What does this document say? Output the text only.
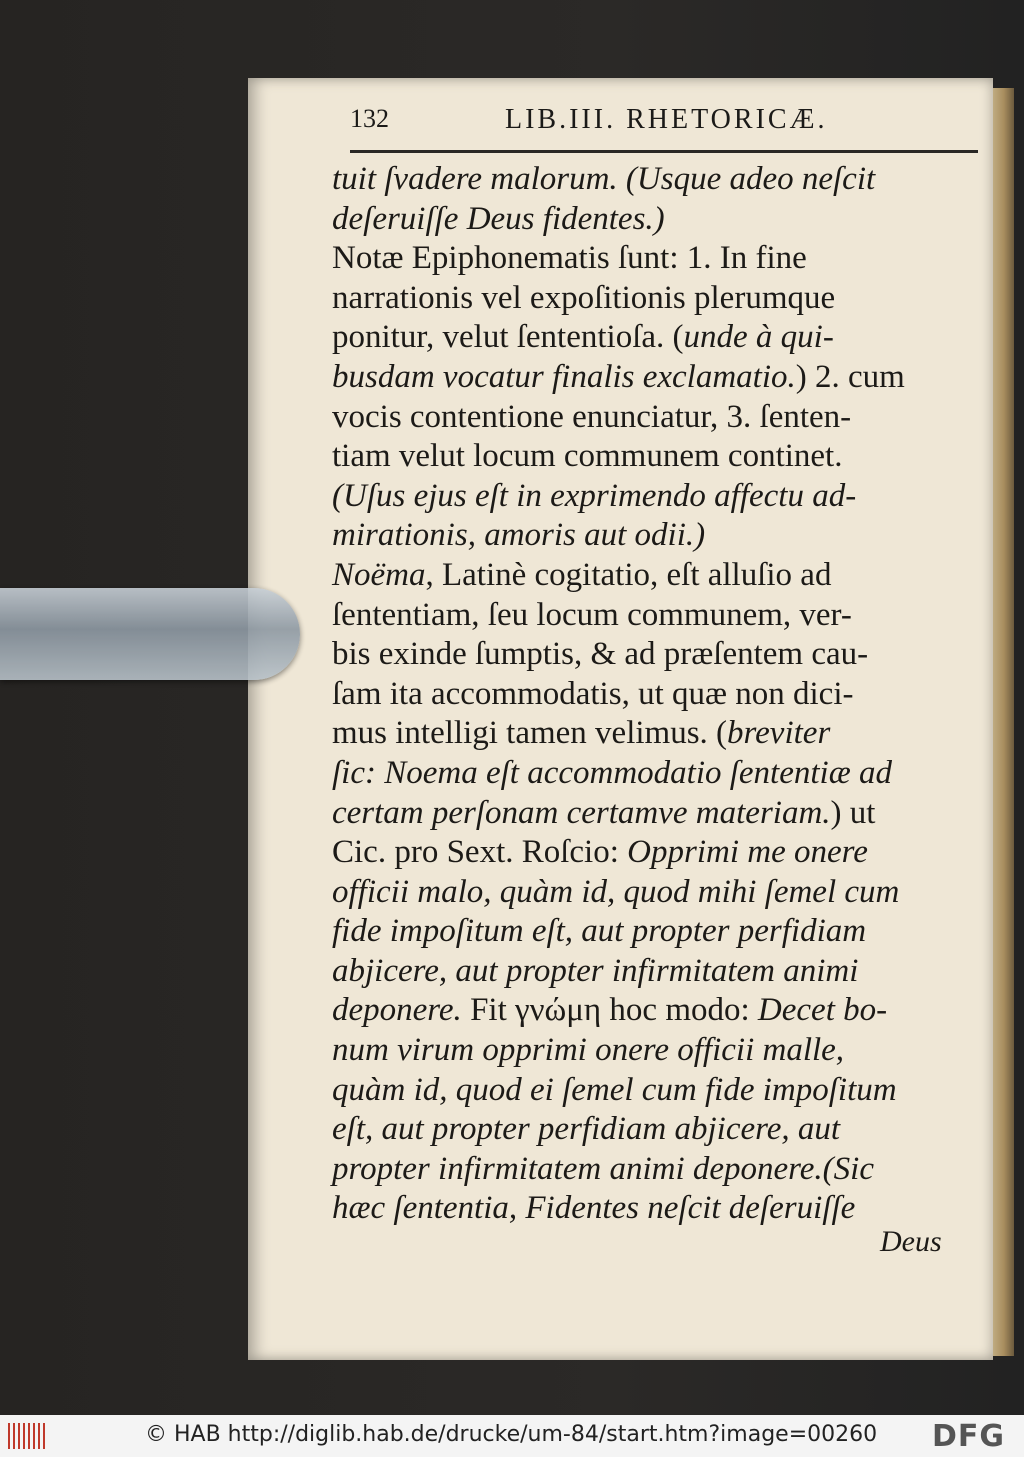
132	LIB.III. RHETORICÆ.
tuit ſvadere malorum. (Usque adeo neſcit
deſeruiſſe Deus fidentes.)
Notæ Epiphonematis ſunt: 1. In fine
narrationis vel expoſitionis plerumque
ponitur, velut ſententioſa. (unde à qui-
busdam vocatur finalis exclamatio.) 2. cum
vocis contentione enunciatur, 3. ſenten-
tiam velut locum communem continet.
(Uſus ejus eſt in exprimendo affectu ad-
mirationis, amoris aut odii.)
Noëma, Latinè cogitatio, eſt alluſio ad
ſententiam, ſeu locum communem, ver-
bis exinde ſumptis, & ad præſentem cau-
ſam ita accommodatis, ut quæ non dici-
mus intelligi tamen velimus. (breviter
ſic: Noema eſt accommodatio ſententiæ ad
certam perſonam certamve materiam.) ut
Cic. pro Sext. Roſcio: Opprimi me onere
officii malo, quàm id, quod mihi ſemel cum
fide impoſitum eſt, aut propter perfidiam
abjicere, aut propter infirmitatem animi
deponere. Fit γνώμη hoc modo: Decet bo-
num virum opprimi onere officii malle,
quàm id, quod ei ſemel cum fide impoſitum
eſt, aut propter perfidiam abjicere, aut
propter infirmitatem animi deponere.(Sic
hæc ſententia, Fidentes neſcit deſeruiſſe
Deus
© HAB http://diglib.hab.de/drucke/um-84/start.htm?image=00260 DFG
